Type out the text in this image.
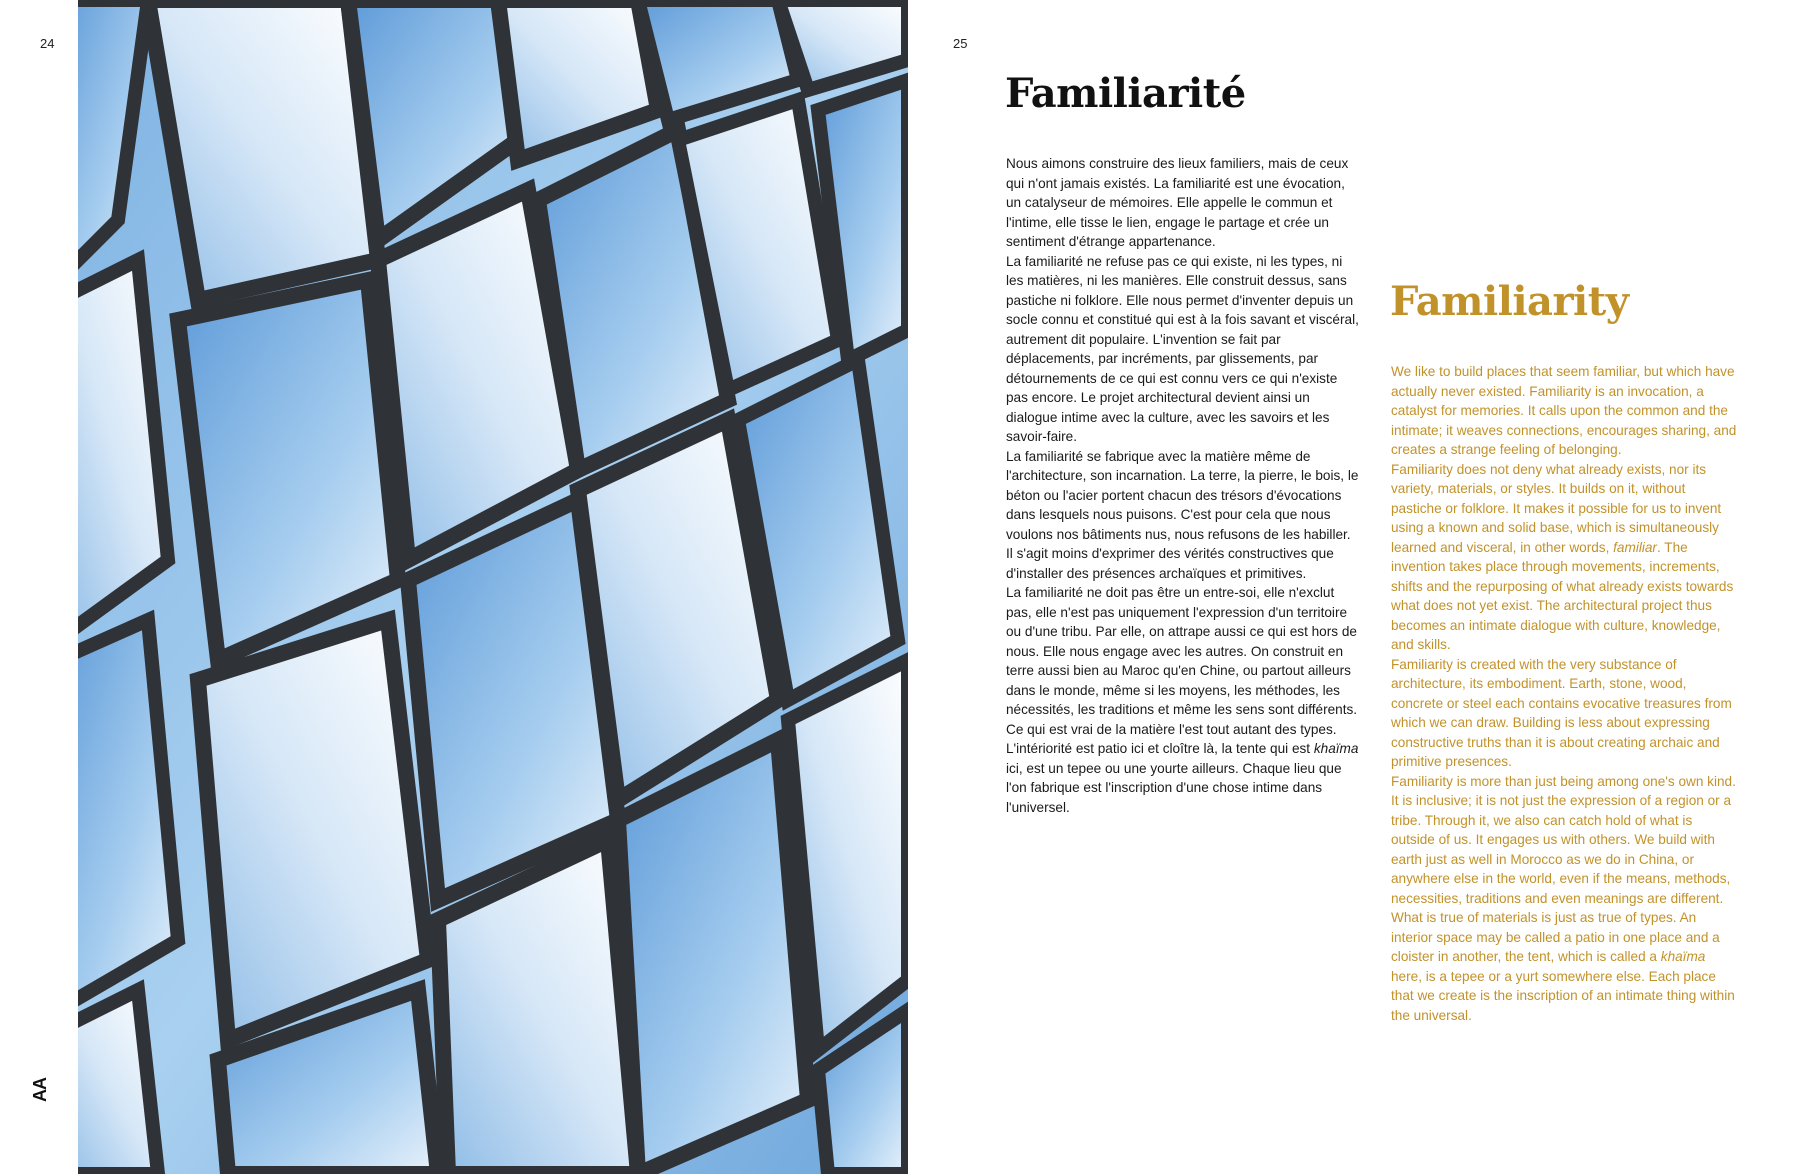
24	25
AA
Familiarité

Nous aimons construire des lieux familiers, mais de ceux qui n'ont jamais existés. La familiarité est une évocation, un catalyseur de mémoires. Elle appelle le commun et l'intime, elle tisse le lien, engage le partage et crée un sentiment d'étrange appartenance.

La familiarité ne refuse pas ce qui existe, ni les types, ni les matières, ni les manières. Elle construit dessus, sans pastiche ni folklore. Elle nous permet d'inventer depuis un socle connu et constitué qui est à la fois savant et viscéral, autrement dit populaire. L'invention se fait par déplacements, par incréments, par glissements, par détournements de ce qui est connu vers ce qui n'existe pas encore. Le projet architectural devient ainsi un dialogue intime avec la culture, avec les savoirs et les savoir-faire.

La familiarité se fabrique avec la matière même de l'architecture, son incarnation. La terre, la pierre, le bois, le béton ou l'acier portent chacun des trésors d'évocations dans lesquels nous puisons. C'est pour cela que nous voulons nos bâtiments nus, nous refusons de les habiller. Il s'agit moins d'exprimer des vérités constructives que d'installer des présences archaïques et primitives.

La familiarité ne doit pas être un entre-soi, elle n'exclut pas, elle n'est pas uniquement l'expression d'un territoire ou d'une tribu. Par elle, on attrape aussi ce qui est hors de nous. Elle nous engage avec les autres. On construit en terre aussi bien au Maroc qu'en Chine, ou partout ailleurs dans le monde, même si les moyens, les méthodes, les nécessités, les traditions et même les sens sont différents. Ce qui est vrai de la matière l'est tout autant des types. L'intériorité est patio ici et cloître là, la tente qui est khaïma ici, est un tepee ou une yourte ailleurs. Chaque lieu que l'on fabrique est l'inscription d'une chose intime dans l'universel.

Familiarity

We like to build places that seem familiar, but which have actually never existed. Familiarity is an invocation, a catalyst for memories. It calls upon the common and the intimate; it weaves connections, encourages sharing, and creates a strange feeling of belonging.

Familiarity does not deny what already exists, nor its variety, materials, or styles. It builds on it, without pastiche or folklore. It makes it possible for us to invent using a known and solid base, which is simultaneously learned and visceral, in other words, familiar. The invention takes place through movements, increments, shifts and the repurposing of what already exists towards what does not yet exist. The architectural project thus becomes an intimate dialogue with culture, knowledge, and skills.

Familiarity is created with the very substance of architecture, its embodiment. Earth, stone, wood, concrete or steel each contains evocative treasures from which we can draw. Building is less about expressing constructive truths than it is about creating archaic and primitive presences.

Familiarity is more than just being among one's own kind. It is inclusive; it is not just the expression of a region or a tribe. Through it, we also can catch hold of what is outside of us. It engages us with others. We build with earth just as well in Morocco as we do in China, or anywhere else in the world, even if the means, methods, necessities, traditions and even meanings are different. What is true of materials is just as true of types. An interior space may be called a patio in one place and a cloister in another, the tent, which is called a khaïma here, is a tepee or a yurt somewhere else. Each place that we create is the inscription of an intimate thing within the universal.
